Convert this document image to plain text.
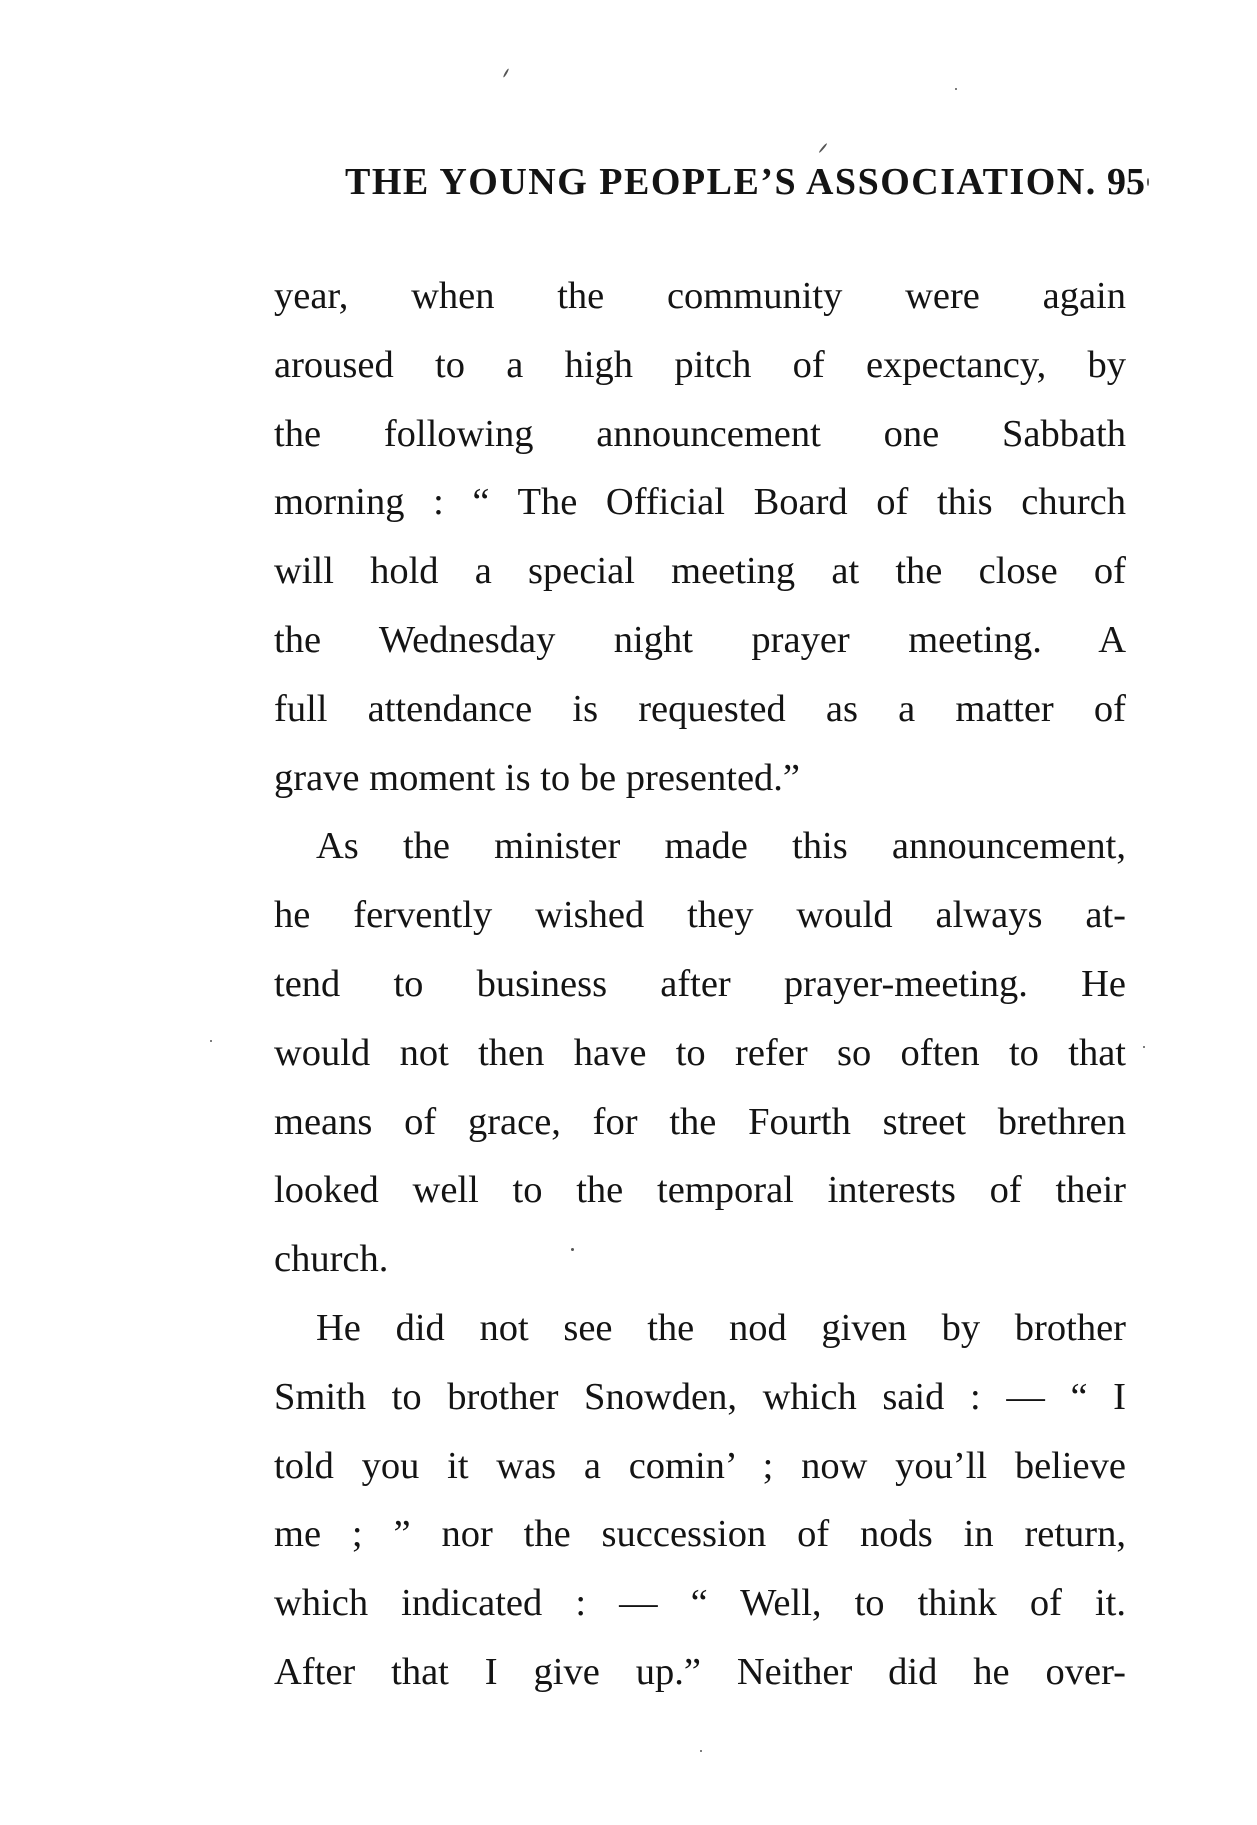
THE YOUNG PEOPLE’S ASSOCIATION. 95
year, when the community were again
aroused to a high pitch of expectancy, by
the following announcement one Sabbath
morning : “ The Official Board of this church
will hold a special meeting at the close of
the Wednesday night prayer meeting. A
full attendance is requested as a matter of
grave moment is to be presented.”
As the minister made this announcement,
he fervently wished they would always at-
tend to business after prayer-meeting. He
would not then have to refer so often to that
means of grace, for the Fourth street brethren
looked well to the temporal interests of their
church.
He did not see the nod given by brother
Smith to brother Snowden, which said : — “ I
told you it was a comin’ ; now you’ll believe
me ; ” nor the succession of nods in return,
which indicated : — “ Well, to think of it.
After that I give up.” Neither did he over-
